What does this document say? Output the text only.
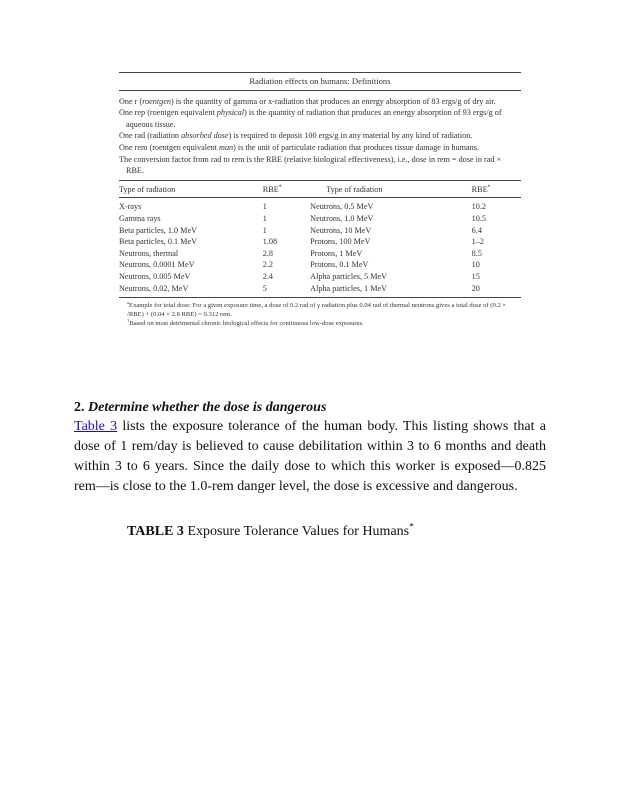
Radiation effects on humans: Definitions
One r (roentgen) is the quantity of gamma or x-radiation that produces an energy absorption of 83 ergs/g of dry air.
One rep (roentgen equivalent physical) is the quantity of radiation that produces an energy absorption of 93 ergs/g of aqueous tissue.
One rad (radiation absorbed dose) is required to deposit 100 ergs/g in any material by any kind of radiation.
One rem (roentgen equivalent man) is the unit of particulate radiation that produces tissue damage in humans.
The conversion factor from rad to rem is the RBE (relative biological effectiveness), i.e., dose in rem = dose in rad × RBE.
Type of radiation	RBE*	Type of radiation	RBE*
X-rays	1	Neutrons, 0.5 MeV	10.2
Gamma rays	1	Neutrons, 1.0 MeV	10.5
Beta particles, 1.0 MeV	1	Neutrons, 10 MeV	6.4
Beta particles, 0.1 MeV	1.08	Protons, 100 MeV	1–2
Neutrons, thermal	2.8	Protons, 1 MeV	8.5
Neutrons, 0.0001 MeV	2.2	Protons, 0.1 MeV	10
Neutrons, 0.005 MeV	2.4	Alpha particles, 5 MeV	15
Neutrons, 0.02, MeV	5	Alpha particles, 1 MeV	20
$^a$Example for total dose: For a given exposure time, a dose of 0.2 rad of γ radiation plus 0.04 rad of thermal neutrons gives a total dose of (0.2 × /RBE) + (0.04 × 2.8 RBE) = 0.312 rem.
†Based on most detrimental chronic biological effects for continuous low-dose exposures.
2. Determine whether the dose is dangerous
Table 3 lists the exposure tolerance of the human body. This listing shows that a dose of 1 rem/day is believed to cause debilitation within 3 to 6 months and death within 3 to 6 years. Since the daily dose to which this worker is exposed—0.825 rem—is close to the 1.0-rem danger level, the dose is excessive and dangerous.
TABLE 3 Exposure Tolerance Values for Humans*
